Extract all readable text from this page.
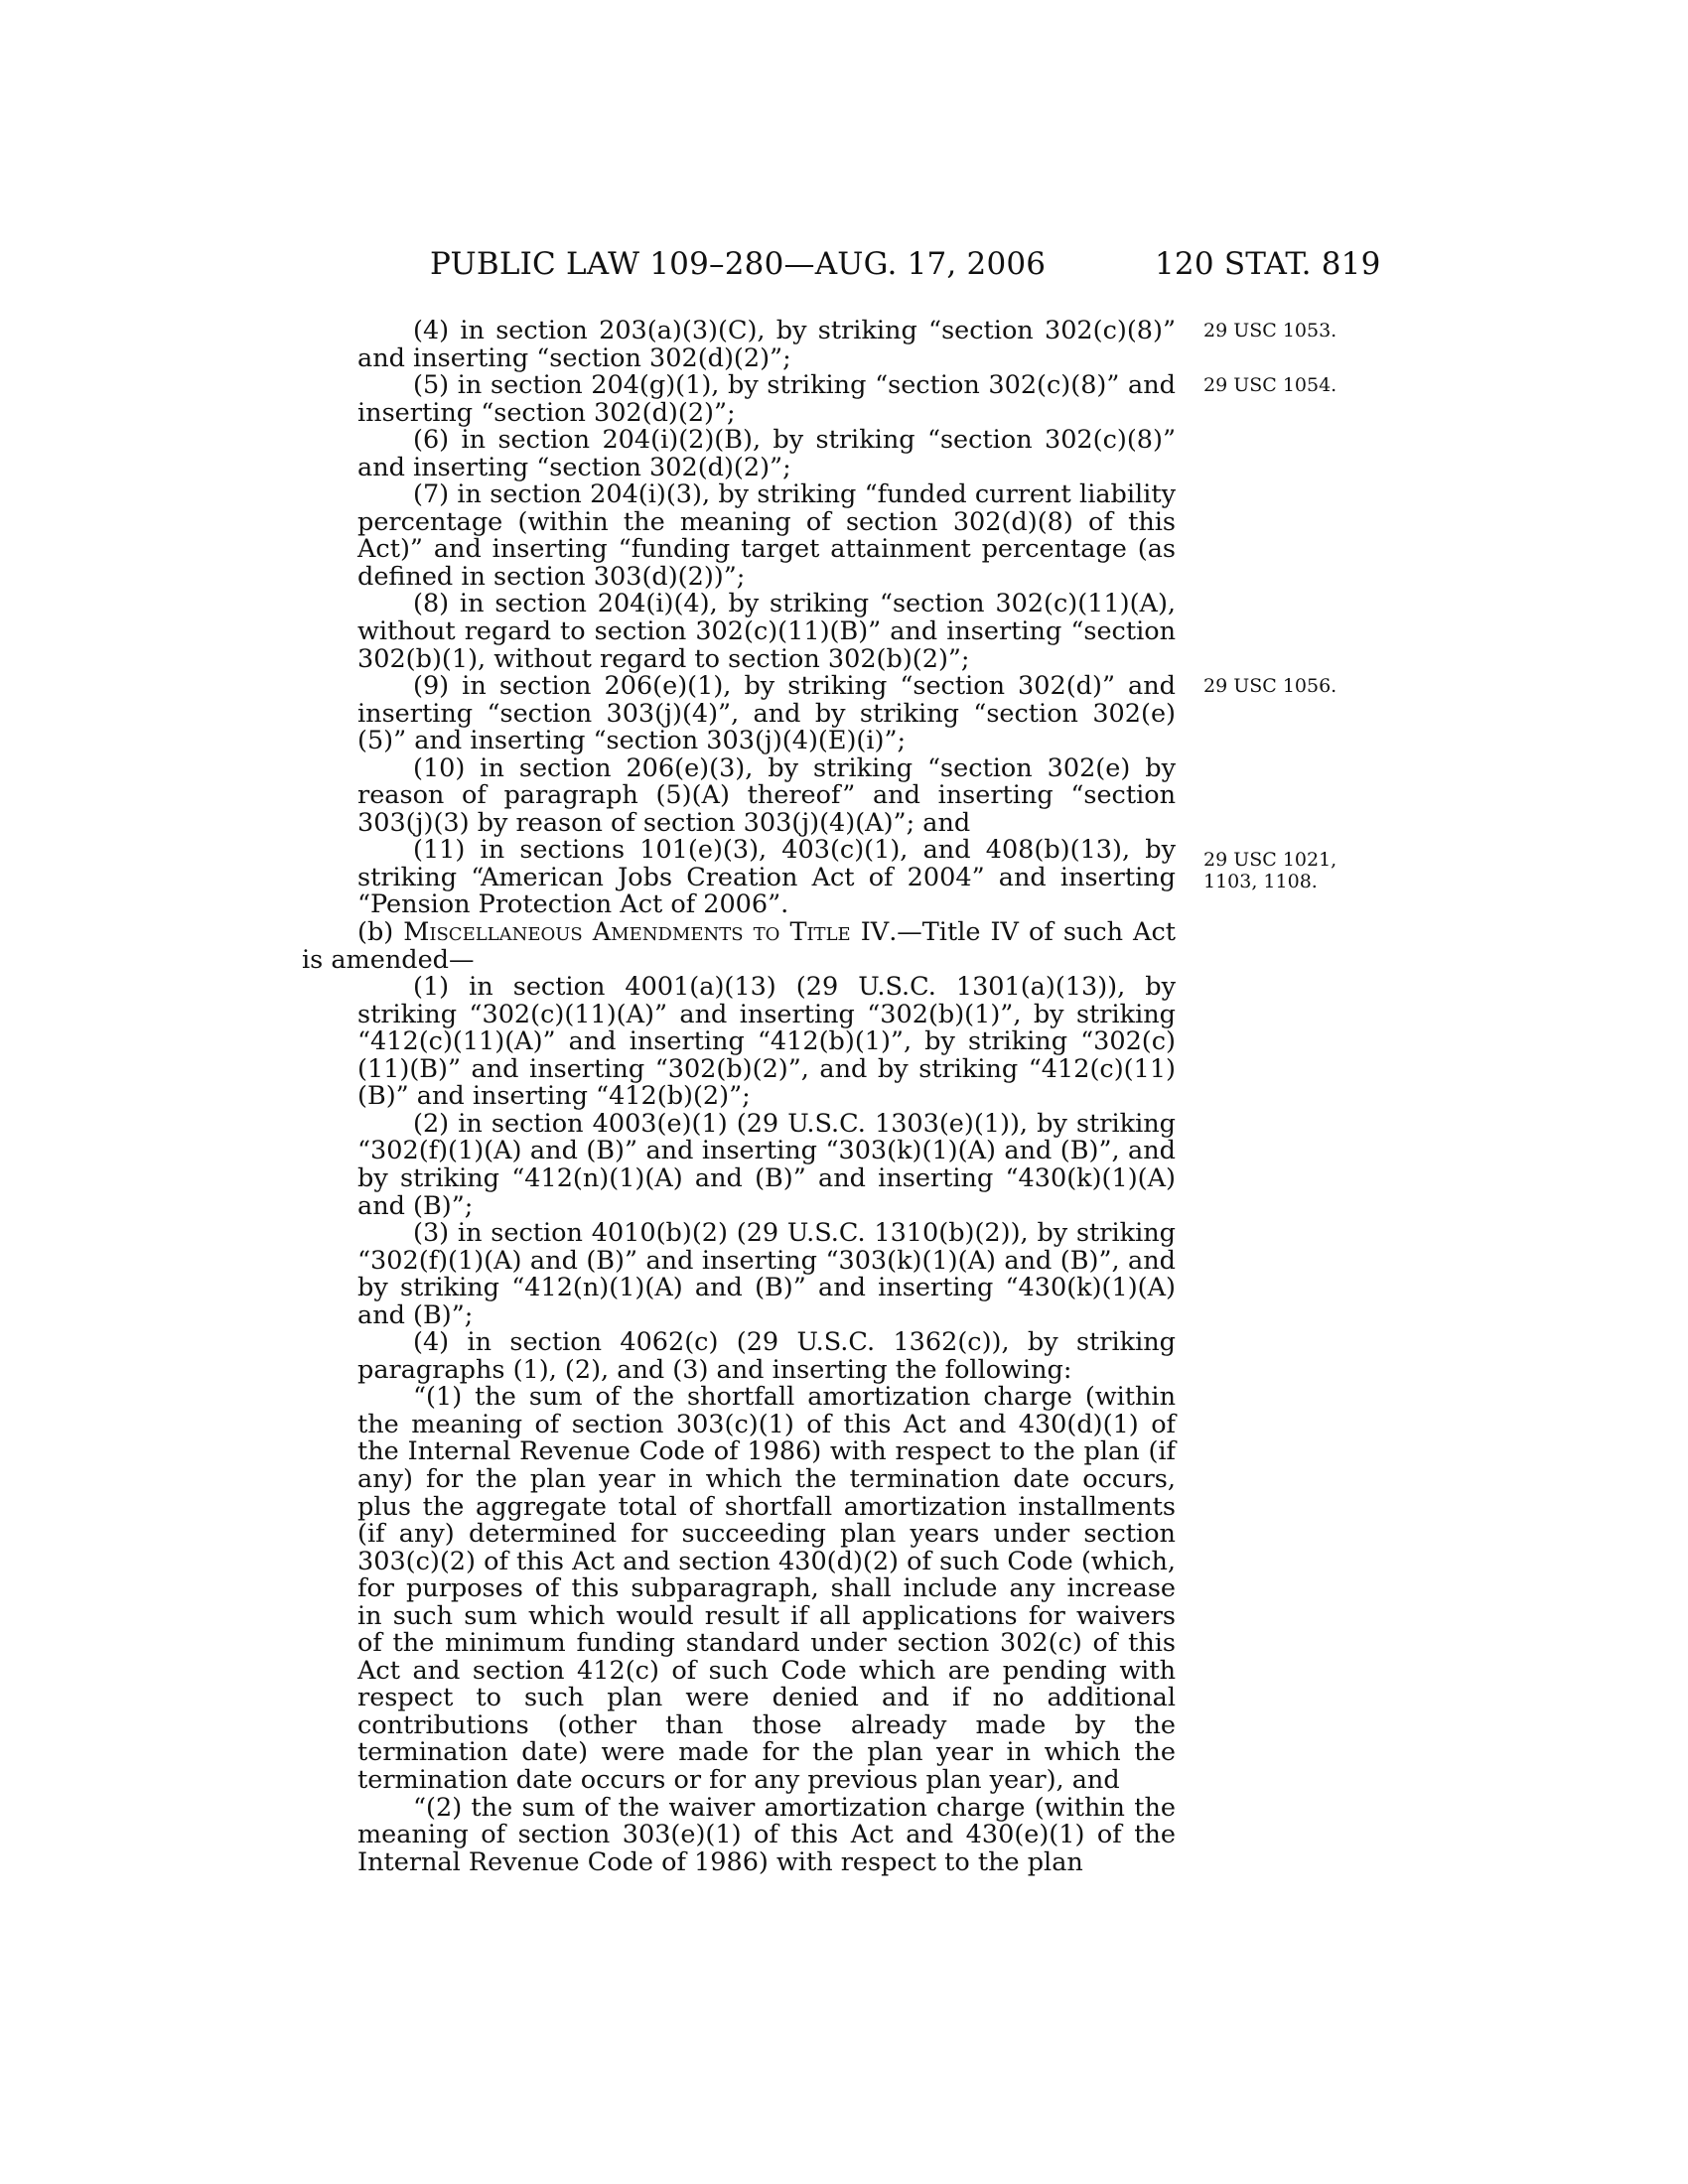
PUBLIC LAW 109–280—AUG. 17, 2006	120 STAT. 819
29 USC 1053.
29 USC 1054.
29 USC 1056.
29 USC 1021,
1103, 1108.

(4) in section 203(a)(3)(C), by striking “section 302(c)(8)” and inserting “section 302(d)(2)”;

(5) in section 204(g)(1), by striking “section 302(c)(8)” and inserting “section 302(d)(2)”;

(6) in section 204(i)(2)(B), by striking “section 302(c)(8)” and inserting “section 302(d)(2)”;

(7) in section 204(i)(3), by striking “funded current liability percentage (within the meaning of section 302(d)(8) of this Act)” and inserting “funding target attainment percentage (as defined in section 303(d)(2))”;

(8) in section 204(i)(4), by striking “section 302(c)(11)(A), without regard to section 302(c)(11)(B)” and inserting “section 302(b)(1), without regard to section 302(b)(2)”;

(9) in section 206(e)(1), by striking “section 302(d)” and inserting “section 303(j)(4)”, and by striking “section 302(e)(5)” and inserting “section 303(j)(4)(E)(i)”;

(10) in section 206(e)(3), by striking “section 302(e) by reason of paragraph (5)(A) thereof” and inserting “section 303(j)(3) by reason of section 303(j)(4)(A)”; and

(11) in sections 101(e)(3), 403(c)(1), and 408(b)(13), by striking “American Jobs Creation Act of 2004” and inserting “Pension Protection Act of 2006”.

(b) Miscellaneous Amendments to Title IV.—Title IV of such Act is amended—

(1) in section 4001(a)(13) (29 U.S.C. 1301(a)(13)), by striking “302(c)(11)(A)” and inserting “302(b)(1)”, by striking “412(c)(11)(A)” and inserting “412(b)(1)”, by striking “302(c)(11)(B)” and inserting “302(b)(2)”, and by striking “412(c)(11)(B)” and inserting “412(b)(2)”;

(2) in section 4003(e)(1) (29 U.S.C. 1303(e)(1)), by striking “302(f)(1)(A) and (B)” and inserting “303(k)(1)(A) and (B)”, and by striking “412(n)(1)(A) and (B)” and inserting “430(k)(1)(A) and (B)”;

(3) in section 4010(b)(2) (29 U.S.C. 1310(b)(2)), by striking “302(f)(1)(A) and (B)” and inserting “303(k)(1)(A) and (B)”, and by striking “412(n)(1)(A) and (B)” and inserting “430(k)(1)(A) and (B)”;

(4) in section 4062(c) (29 U.S.C. 1362(c)), by striking paragraphs (1), (2), and (3) and inserting the following:

“(1) the sum of the shortfall amortization charge (within the meaning of section 303(c)(1) of this Act and 430(d)(1) of the Internal Revenue Code of 1986) with respect to the plan (if any) for the plan year in which the termination date occurs, plus the aggregate total of shortfall amortization installments (if any) determined for succeeding plan years under section 303(c)(2) of this Act and section 430(d)(2) of such Code (which, for purposes of this subparagraph, shall include any increase in such sum which would result if all applications for waivers of the minimum funding standard under section 302(c) of this Act and section 412(c) of such Code which are pending with respect to such plan were denied and if no additional contributions (other than those already made by the termination date) were made for the plan year in which the termination date occurs or for any previous plan year), and

“(2) the sum of the waiver amortization charge (within the meaning of section 303(e)(1) of this Act and 430(e)(1) of the Internal Revenue Code of 1986) with respect to the plan
